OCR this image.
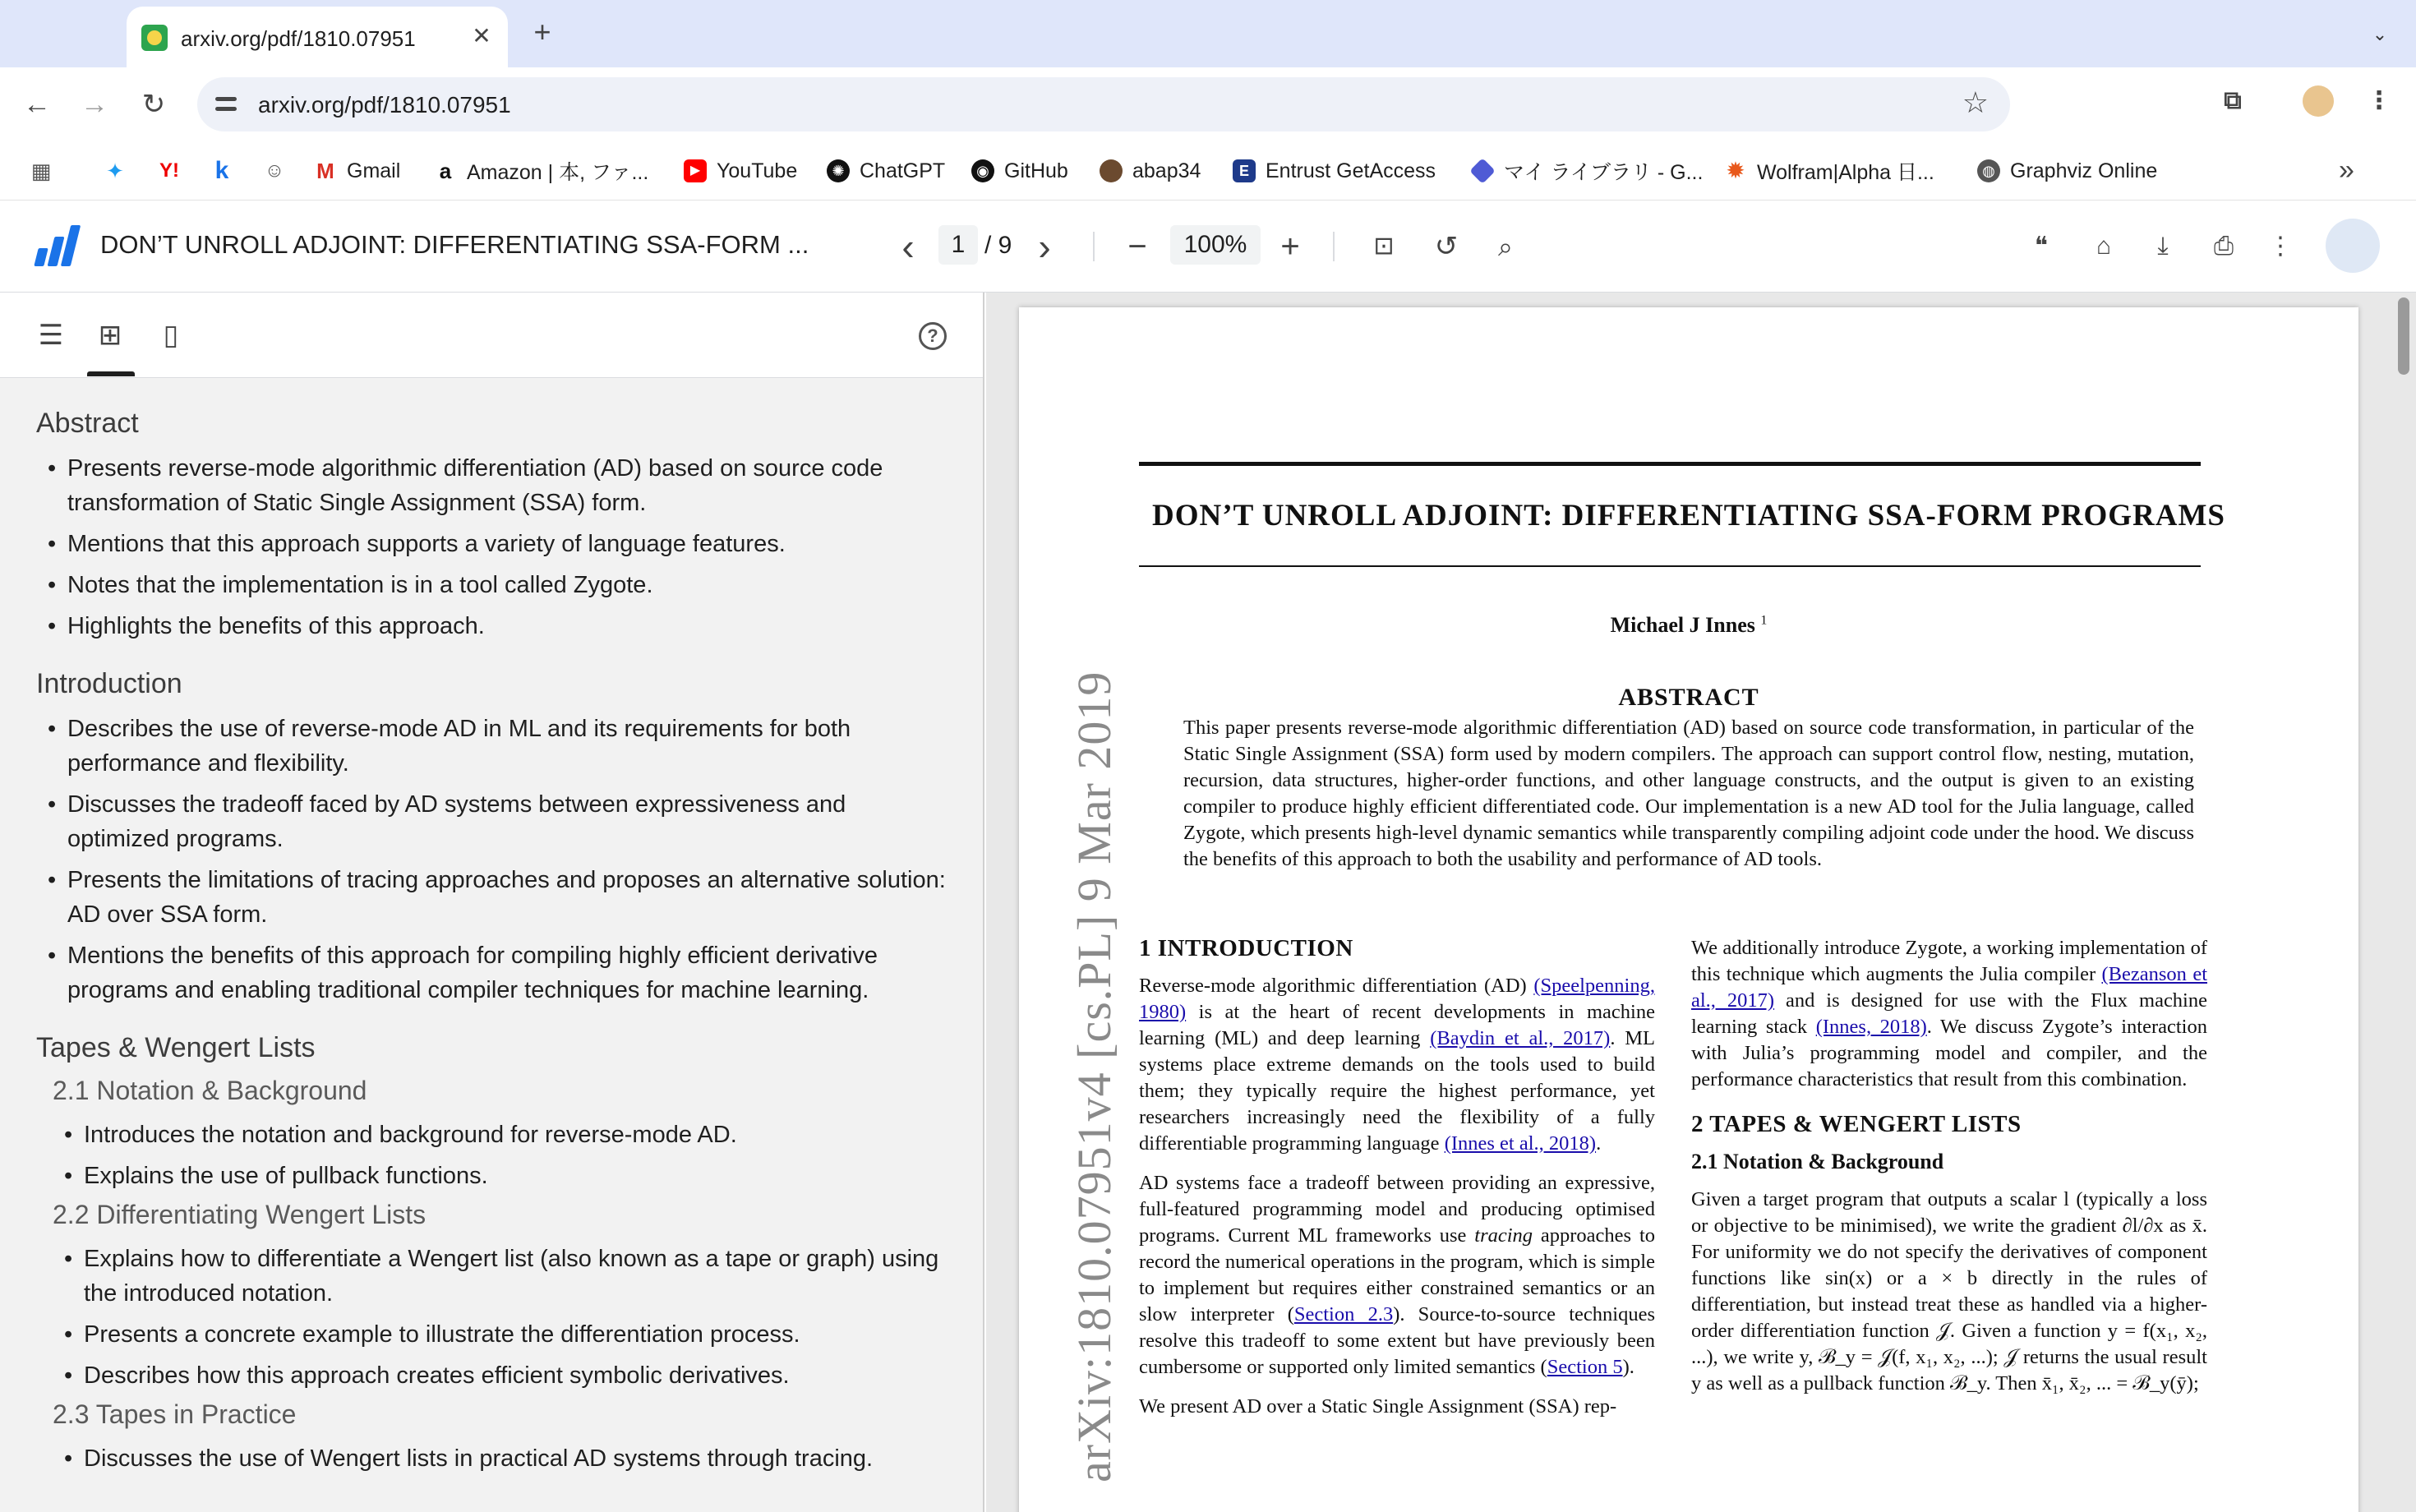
arxiv.org/pdf/1810.07951 ✕ +	⌄
← → ↻	arxiv.org/pdf/1810.07951	☆	R	G	◆	⧉	⋮
▦	✦ Y! k ☺ M Gmail a Amazon | 本, ファ...	▶ YouTube	✺ ChatGPT	◉ GitHub	abap34	E Entrust GetAccess	マイ ライブラリ - G... ✹ Wolfram|Alpha 日...	◍ Graphviz Online	»
DON’T UNROLL ADJOINT: DIFFERENTIATING SSA-FORM ... ‹	1 / 9 › −	100%	+	⊡ ↺	⌕	❝	⌂	⤓	⎙	⋮
☰ ⊞	▯	?
Abstract
• Presents reverse-mode algorithmic differentiation (AD) based on source code transformation of Static Single Assignment (SSA) form.
• Mentions that this approach supports a variety of language features.
• Notes that the implementation is in a tool called Zygote.
• Highlights the benefits of this approach.
Introduction
• Describes the use of reverse-mode AD in ML and its requirements for both performance and flexibility.
• Discusses the tradeoff faced by AD systems between expressiveness and optimized programs.
• Presents the limitations of tracing approaches and proposes an alternative solution: AD over SSA form.
• Mentions the benefits of this approach for compiling highly efficient derivative programs and enabling traditional compiler techniques for machine learning.
Tapes & Wengert Lists
2.1 Notation & Background
• Introduces the notation and background for reverse-mode AD.
• Explains the use of pullback functions.
2.2 Differentiating Wengert Lists
• Explains how to differentiate a Wengert list (also known as a tape or graph) using the introduced notation.
• Presents a concrete example to illustrate the differentiation process.
• Describes how this approach creates efficient symbolic derivatives.
2.3 Tapes in Practice
• Discusses the use of Wengert lists in practical AD systems through tracing.
DON’T UNROLL ADJOINT: DIFFERENTIATING SSA-FORM PROGRAMS
Michael J Innes $^1$
ABSTRACT
This paper presents reverse-mode algorithmic differentiation (AD) based on source code transformation, in particular of the Static Single Assignment (SSA) form used by modern compilers. The approach can support control flow, nesting, mutation, recursion, data structures, higher-order functions, and other language constructs, and the output is given to an existing compiler to produce highly efficient differentiated code. Our implementation is a new AD tool for the Julia language, called Zygote, which presents high-level dynamic semantics while transparently compiling adjoint code under the hood. We discuss the benefits of this approach to both the usability and performance of AD tools.
arXiv:1810.07951v4 [cs.PL] 9 Mar 2019 1 INTRODUCTION

Reverse-mode algorithmic differentiation (AD) (Speelpenning, 1980) is at the heart of recent developments in machine learning (ML) and deep learning (Baydin et al., 2017). ML systems place extreme demands on the tools used to build them; they typically require the highest performance, yet researchers increasingly need the flexibility of a fully differentiable programming language (Innes et al., 2018).

AD systems face a tradeoff between providing an expressive, full-featured programming model and producing optimised programs. Current ML frameworks use tracing approaches to record the numerical operations in the program, which is simple to implement but requires either constrained semantics or an slow interpreter (Section 2.3). Source-to-source techniques resolve this tradeoff to some extent but have previously been cumbersome or supported only limited semantics (Section 5).

We present AD over a Static Single Assignment (SSA) rep-

We additionally introduce Zygote, a working implementation of this technique which augments the Julia compiler (Bezanson et al., 2017) and is designed for use with the Flux machine learning stack (Innes, 2018). We discuss Zygote’s interaction with Julia’s programming model and compiler, and the performance characteristics that result from this combination.

2 TAPES & WENGERT LISTS
2.1 Notation & Background

Given a target program that outputs a scalar l (typically a loss or objective to be minimised), we write the gradient ∂l/∂x as x̄. For uniformity we do not specify the derivatives of component functions like sin(x) or a × b directly in the rules of differentiation, but instead treat these as handled via a higher-order differentiation function 𝒥. Given a function y = f(x₁, x₂, ...), we write y, ℬ_y = 𝒥(f, x₁, x₂, ...); 𝒥 returns the usual result y as well as a pullback function ℬ_y. Then x̄₁, x̄₂, ... = ℬ_y(ȳ);
